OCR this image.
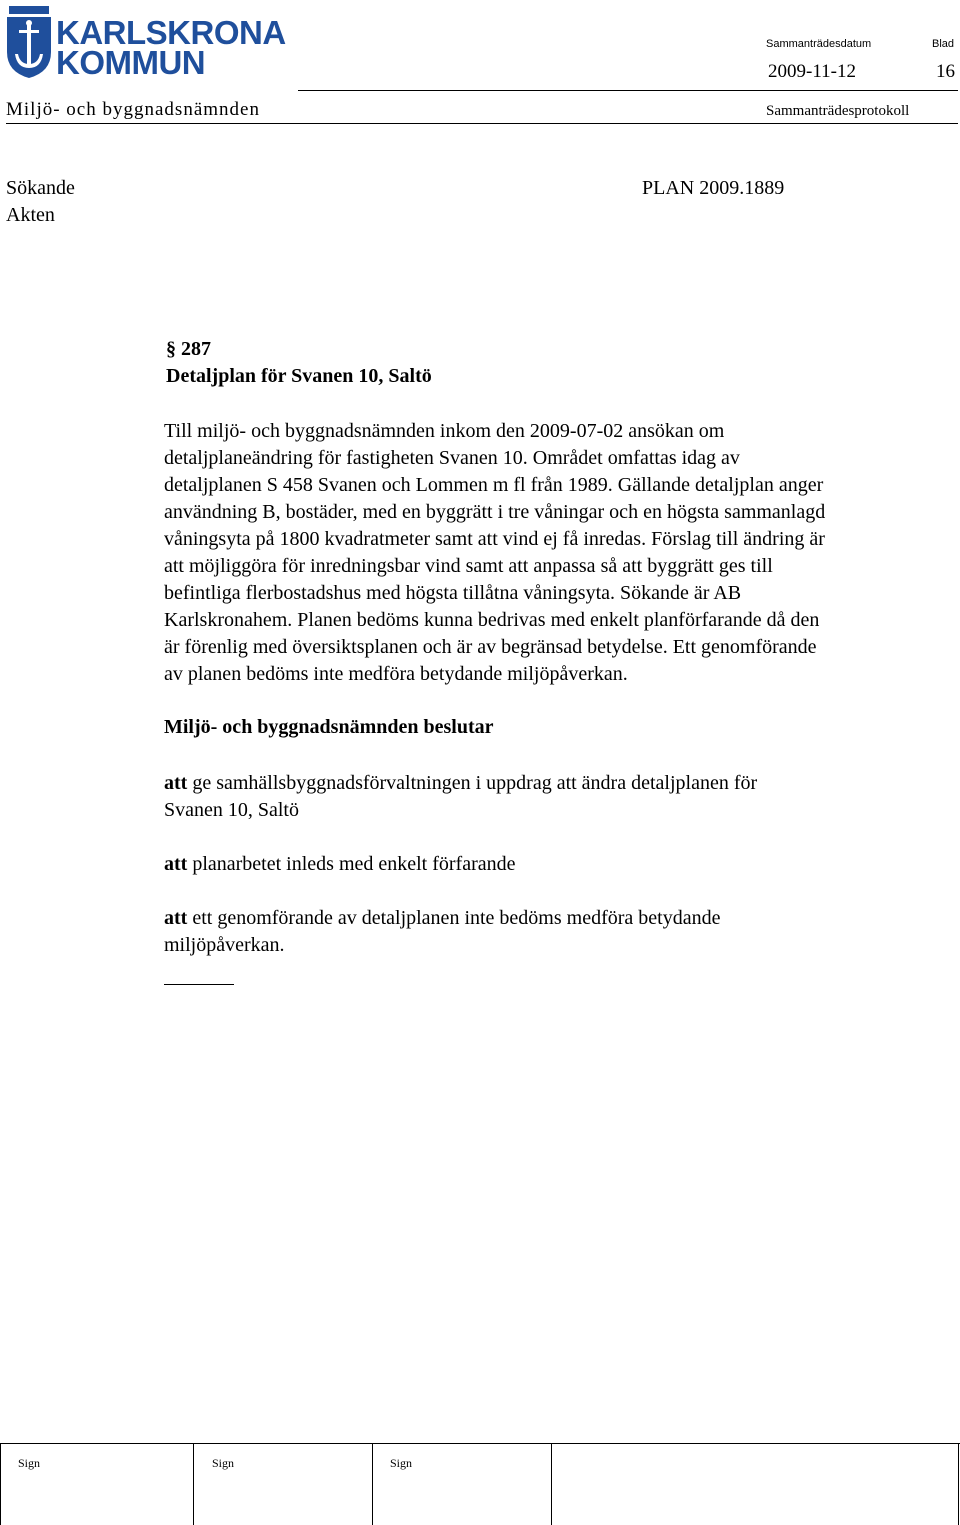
KARLSKRONA
KOMMUN	Sammanträdesdatum	Blad
2009-11-12	16
Miljö- och byggnadsnämnden	Sammanträdesprotokoll
Sökande	PLAN 2009.1889
Akten
§ 287
Detaljplan för Svanen 10, Saltö
Till miljö- och byggnadsnämnden inkom den 2009-07-02 ansökan om
detaljplaneändring för fastigheten Svanen 10. Området omfattas idag av
detaljplanen S 458 Svanen och Lommen m fl från 1989. Gällande detaljplan anger
användning B, bostäder, med en byggrätt i tre våningar och en högsta sammanlagd
våningsyta på 1800 kvadratmeter samt att vind ej få inredas. Förslag till ändring är
att möjliggöra för inredningsbar vind samt att anpassa så att byggrätt ges till
befintliga flerbostadshus med högsta tillåtna våningsyta. Sökande är AB
Karlskronahem. Planen bedöms kunna bedrivas med enkelt planförfarande då den
är förenlig med översiktsplanen och är av begränsad betydelse. Ett genomförande
av planen bedöms inte medföra betydande miljöpåverkan.
Miljö- och byggnadsnämnden beslutar
att ge samhällsbyggnadsförvaltningen i uppdrag att ändra detaljplanen för
Svanen 10, Saltö
att planarbetet inleds med enkelt förfarande
att ett genomförande av detaljplanen inte bedöms medföra betydande
miljöpåverkan.
Sign	Sign	Sign
